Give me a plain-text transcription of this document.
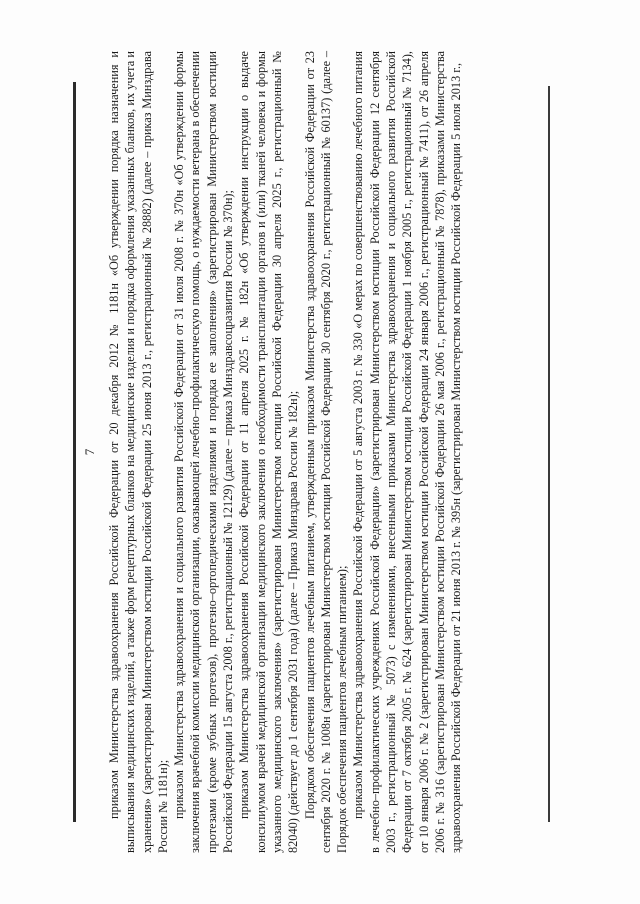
7 приказом Министерства здравоохранения Российской Федерации от 20 декабря 2012 № 1181н «Об утверждении порядка назначения и выписывания медицинских изделий, а также форм рецептурных бланков на медицинские изделия и порядка оформления указанных бланков, их учета и хранения» (зарегистрирован Министерством юстиции Российской Федерации 25 июня 2013 г., регистрационный № 28882) (далее – приказ Минздрава России № 1181н); приказом Министерства здравоохранения и социального развития Российской Федерации от 31 июля 2008 г. № 370н «Об утверждении формы заключения врачебной комиссии медицинской организации, оказывающей лечебно–профилактическую помощь, о нуждаемости ветерана в обеспечении протезами (кроме зубных протезов), протезно–ортопедическими изделиями и порядка ее заполнения» (зарегистрирован Министерством юстиции Российской Федерации 15 августа 2008 г., регистрационный № 12129) (далее – приказ Минздравсоцразвития России № 370н); приказом Министерства здравоохранения Российской Федерации от 11 апреля 2025 г. № 182н «Об утверждении инструкции о выдаче консилиумом врачей медицинской организации медицинского заключения о необходимости трансплантации органов и (или) тканей человека и формы указанного медицинского заключения» (зарегистрирован Министерством юстиции Российской Федерации 30 апреля 2025 г., регистрационный № 82040) (действует до 1 сентября 2031 года) (далее – Приказ Минздрава России № 182н); Порядком обеспечения пациентов лечебным питанием, утвержденным приказом Министерства здравоохранения Российской Федерации от 23 сентября 2020 г. № 1008н (зарегистрирован Министерством юстиции Российской Федерации 30 сентября 2020 г., регистрационный № 60137) (далее – Порядок обеспечения пациентов лечебным питанием); приказом Министерства здравоохранения Российской Федерации от 5 августа 2003 г. № 330 «О мерах по совершенствованию лечебного питания в лечебно–профилактических учреждениях Российской Федерации» (зарегистрирован Министерством юстиции Российской Федерации 12 сентября 2003 г., регистрационный № 5073) с изменениями, внесенными приказами Министерства здравоохранения и социального развития Российской Федерации от 7 октября 2005 г. № 624 (зарегистрирован Министерством юстиции Российской Федерации 1 ноября 2005 г., регистрационный № 7134), от 10 января 2006 г. № 2 (зарегистрирован Министерством юстиции Российской Федерации 24 января 2006 г., регистрационный № 7411), от 26 апреля 2006 г. № 316 (зарегистрирован Министерством юстиции Российской Федерации 26 мая 2006 г., регистрационный № 7878), приказами Министерства здравоохранения Российской Федерации от 21 июня 2013 г. № 395н (зарегистрирован Министерством юстиции Российской Федерации 5 июля 2013 г.,
